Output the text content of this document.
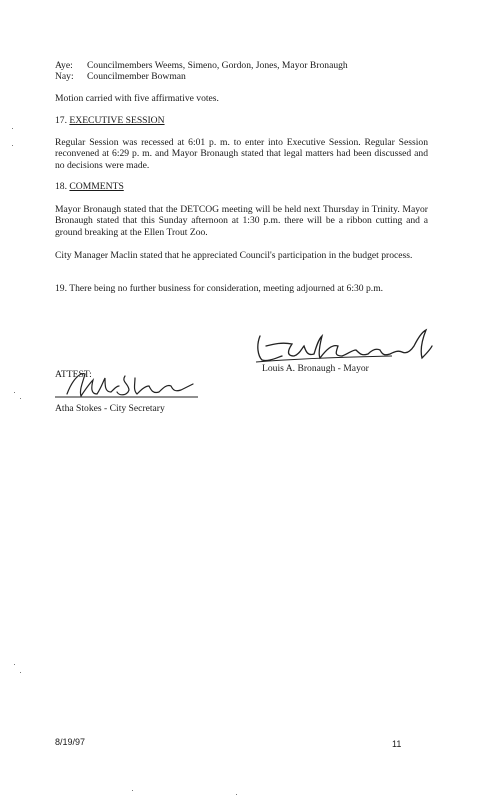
Aye:	Councilmembers Weems, Simeno, Gordon, Jones, Mayor Bronaugh
Nay:	Councilmember Bowman

Motion carried with five affirmative votes.

17. EXECUTIVE SESSION

Regular Session was recessed at 6:01 p. m. to enter into Executive Session. Regular Session reconvened at 6:29 p. m. and Mayor Bronaugh stated that legal matters had been discussed and no decisions were made.

18. COMMENTS

Mayor Bronaugh stated that the DETCOG meeting will be held next Thursday in Trinity. Mayor Bronaugh stated that this Sunday afternoon at 1:30 p.m. there will be a ribbon cutting and a ground breaking at the Ellen Trout Zoo.

City Manager Maclin stated that he appreciated Council's participation in the budget process.

19. There being no further business for consideration, meeting adjourned at 6:30 p.m.

Louis A. Bronaugh - Mayor
ATTEST:
Atha Stokes - City Secretary
8/19/97	11
